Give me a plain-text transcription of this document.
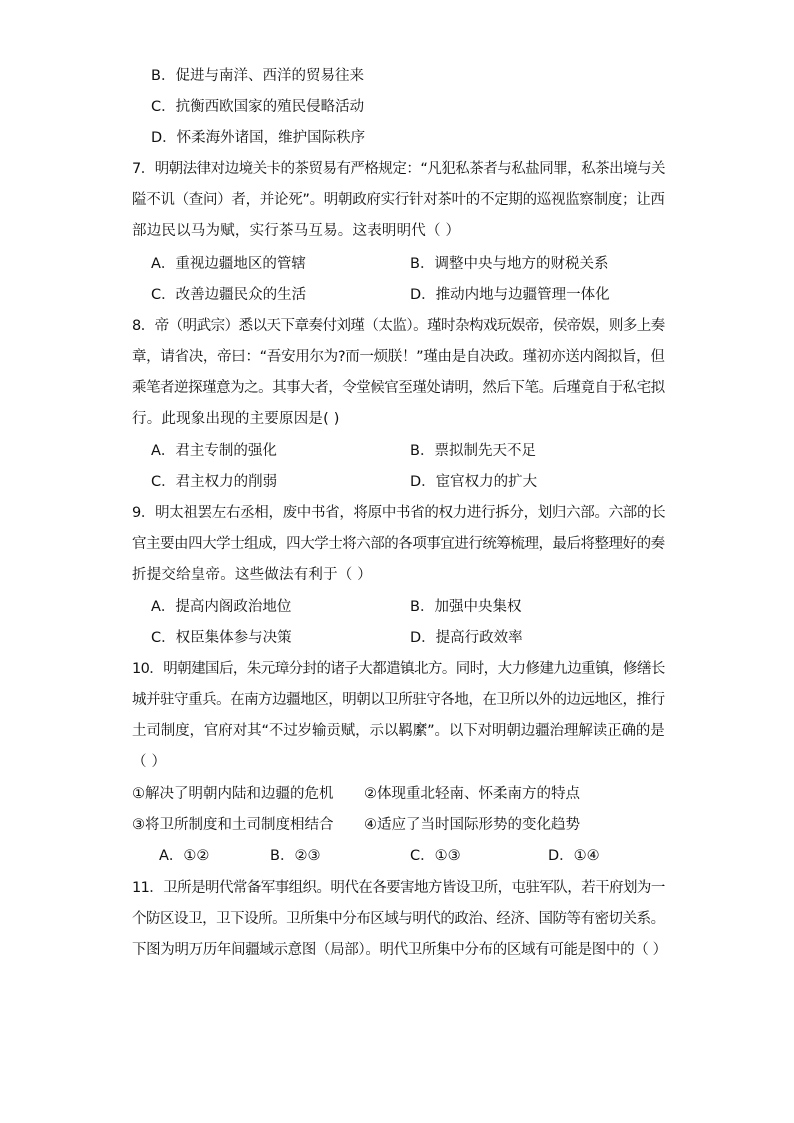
B．促进与南洋、西洋的贸易往来
C．抗衡西欧国家的殖民侵略活动
D．怀柔海外诸国，维护国际秩序
7．明朝法律对边境关卡的茶贸易有严格规定：“凡犯私茶者与私盐同罪，私茶出境与关
隘不讥（查问）者，并论死”。明朝政府实行针对茶叶的不定期的巡视监察制度；让西
部边民以马为赋，实行茶马互易。这表明明代（ ）
A．重视边疆地区的管辖	B．调整中央与地方的财税关系
C．改善边疆民众的生活	D．推动内地与边疆管理一体化
8．帝（明武宗）悉以天下章奏付刘瑾（太监）。瑾时杂构戏玩娱帝，侯帝娱，则多上奏
章，请省决，帝曰：“吾安用尔为?而一烦朕！”瑾由是自决政。瑾初亦送内阁拟旨，但
乘笔者逆探瑾意为之。其事大者，令堂候官至瑾处请明，然后下笔。后瑾竟自于私宅拟
行。此现象出现的主要原因是( )
A．君主专制的强化	B．票拟制先天不足
C．君主权力的削弱	D．宦官权力的扩大
9．明太祖罢左右丞相，废中书省，将原中书省的权力进行拆分，划归六部。六部的长
官主要由四大学士组成，四大学士将六部的各项事宜进行统筹梳理，最后将整理好的奏
折提交给皇帝。这些做法有利于（ ）
A．提高内阁政治地位	B．加强中央集权
C．权臣集体参与决策	D．提高行政效率
10．明朝建国后，朱元璋分封的诸子大都遣镇北方。同时，大力修建九边重镇，修缮长
城并驻守重兵。在南方边疆地区，明朝以卫所驻守各地，在卫所以外的边远地区，推行
土司制度，官府对其“不过岁输贡赋，示以羁縻”。以下对明朝边疆治理解读正确的是
（ ）
①解决了明朝内陆和边疆的危机 ②体现重北轻南、怀柔南方的特点
③将卫所制度和土司制度相结合 ④适应了当时国际形势的变化趋势
A．①②	B．②③	C．①③	D．①④
11．卫所是明代常备军事组织。明代在各要害地方皆设卫所，屯驻军队，若干府划为一
个防区设卫，卫下设所。卫所集中分布区域与明代的政治、经济、国防等有密切关系。
下图为明万历年间疆域示意图（局部）。明代卫所集中分布的区域有可能是图中的（ ）
